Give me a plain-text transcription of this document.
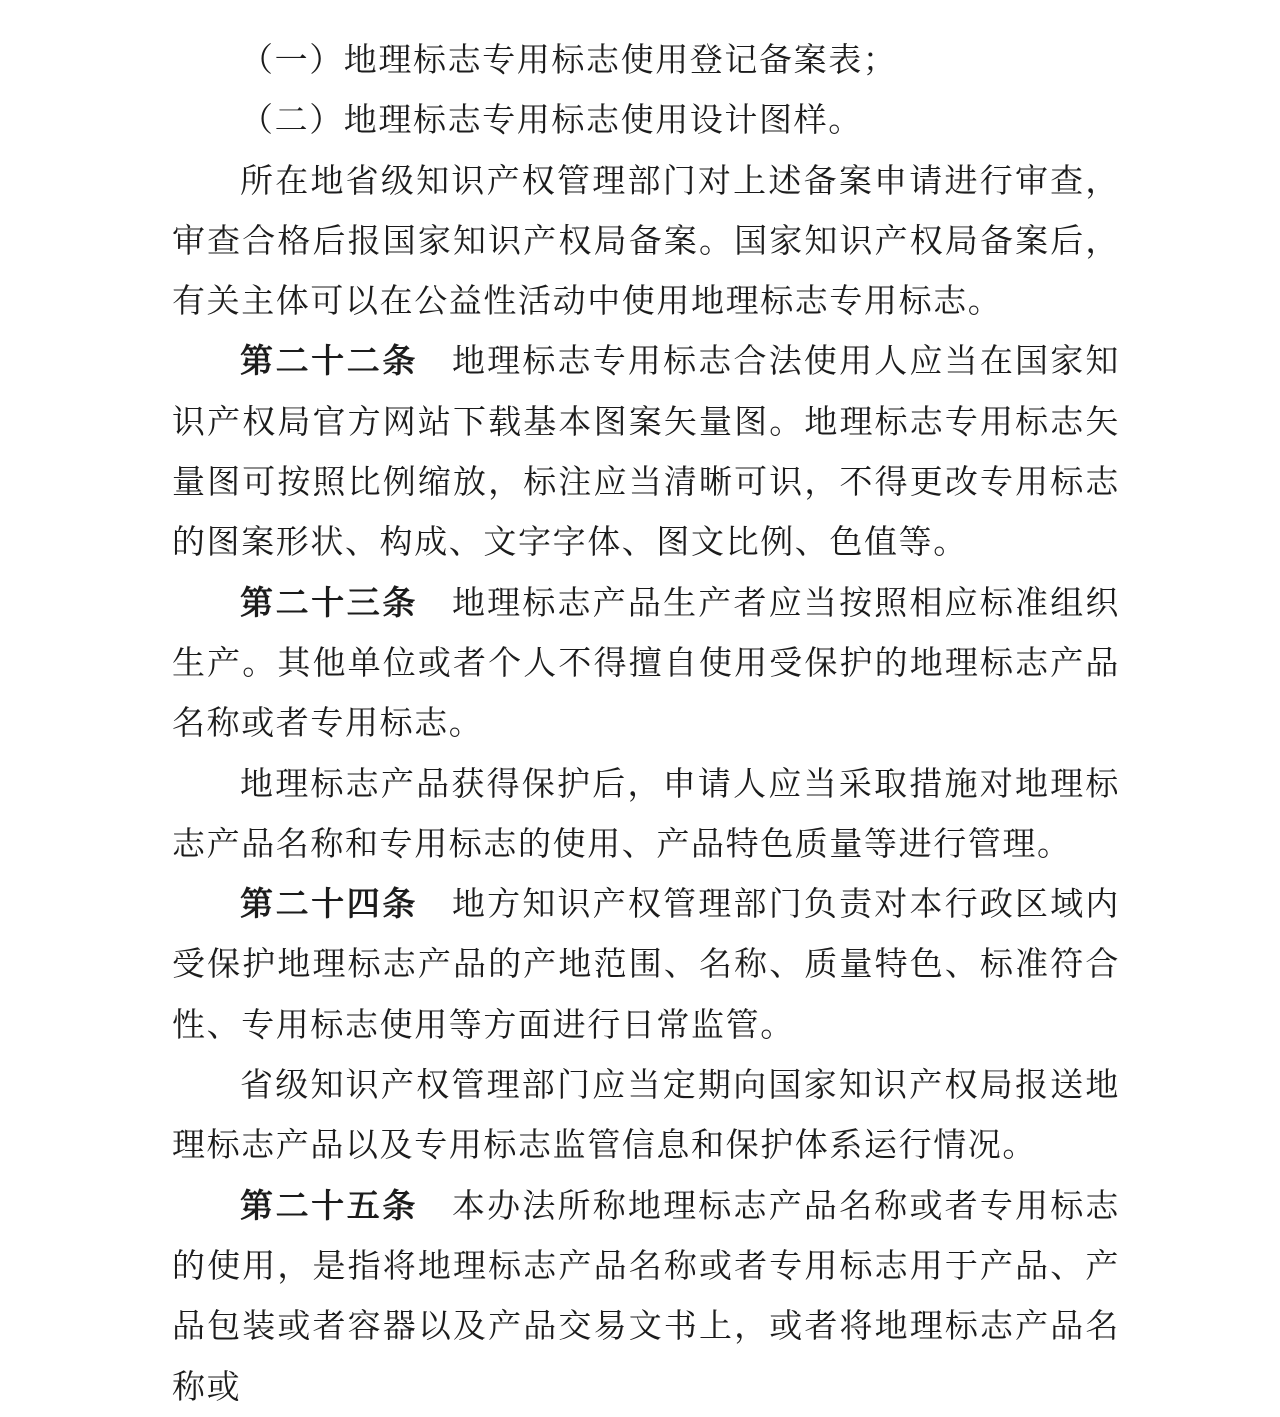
（一）地理标志专用标志使用登记备案表；

（二）地理标志专用标志使用设计图样。

所在地省级知识产权管理部门对上述备案申请进行审查，审查合格后报国家知识产权局备案。国家知识产权局备案后，有关主体可以在公益性活动中使用地理标志专用标志。

第二十二条 地理标志专用标志合法使用人应当在国家知识产权局官方网站下载基本图案矢量图。地理标志专用标志矢量图可按照比例缩放，标注应当清晰可识，不得更改专用标志的图案形状、构成、文字字体、图文比例、色值等。

第二十三条 地理标志产品生产者应当按照相应标准组织生产。其他单位或者个人不得擅自使用受保护的地理标志产品名称或者专用标志。

地理标志产品获得保护后，申请人应当采取措施对地理标志产品名称和专用标志的使用、产品特色质量等进行管理。

第二十四条 地方知识产权管理部门负责对本行政区域内受保护地理标志产品的产地范围、名称、质量特色、标准符合性、专用标志使用等方面进行日常监管。

省级知识产权管理部门应当定期向国家知识产权局报送地理标志产品以及专用标志监管信息和保护体系运行情况。

第二十五条 本办法所称地理标志产品名称或者专用标志的使用，是指将地理标志产品名称或者专用标志用于产品、产品包装或者容器以及产品交易文书上，或者将地理标志产品名称或
